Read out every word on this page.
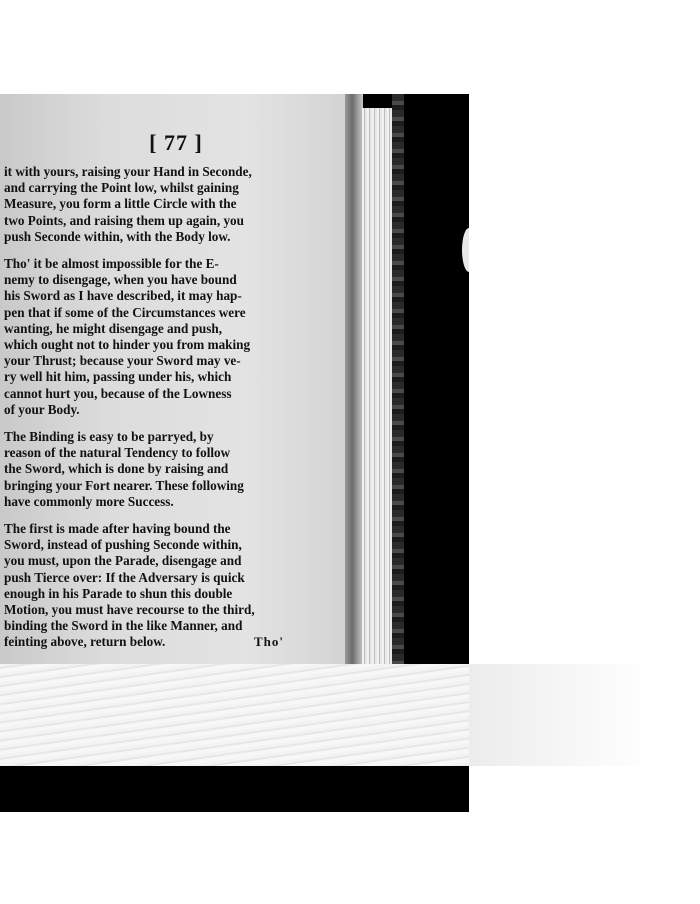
[ 77 ]

it with yours, raising your Hand in Seconde,
and carrying the Point low, whilst gaining
Measure, you form a little Circle with the
two Points, and raising them up again, you
push Seconde within, with the Body low.

Tho' it be almost impossible for the E-
nemy to disengage, when you have bound
his Sword as I have described, it may hap-
pen that if some of the Circumstances were
wanting, he might disengage and push,
which ought not to hinder you from making
your Thrust; because your Sword may ve-
ry well hit him, passing under his, which
cannot hurt you, because of the Lowness
of your Body.

The Binding is easy to be parryed, by
reason of the natural Tendency to follow
the Sword, which is done by raising and
bringing your Fort nearer. These following
have commonly more Success.

The first is made after having bound the
Sword, instead of pushing Seconde within,
you must, upon the Parade, disengage and
push Tierce over: If the Adversary is quick
enough in his Parade to shun this double
Motion, you must have recourse to the third,
binding the Sword in the like Manner, and
feinting above, return below.	Tho'
